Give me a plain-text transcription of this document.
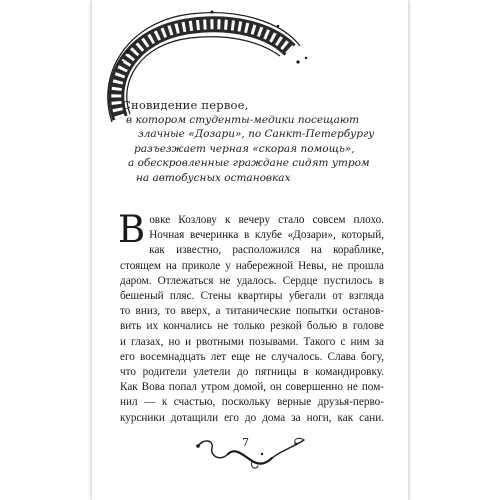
Сновидение первое,
в котором студенты-медики посещают
злачные «Дозари», по Санкт-Петербургу
разъезжает черная «скорая помощь»,
а обескровленные граждане сидят утром
на автобусных остановках
В овке Козлову к вечеру стало совсем плохо.
Ночная вечеринка в клубе «Дозари», который,
как известно, расположился на кораблике,
стоящем на приколе у набережной Невы, не прошла
даром. Отлежаться не удалось. Сердце пустилось в
бешеный пляс. Стены квартиры убегали от взгляда
то вниз, то вверх, а титанические попытки останов-
вить их кончались не только резкой болью в голове
и глазах, но и рвотными позывами. Такого с ним за
его восемнадцать лет еще не случалось. Слава богу,
что родители улетели до пятницы в командировку.
Как Вова попал утром домой, он совершенно не пом-
нил — к счастью, поскольку верные друзья-перво-
курсники дотащили его до дома за ноги, как сани.
7
